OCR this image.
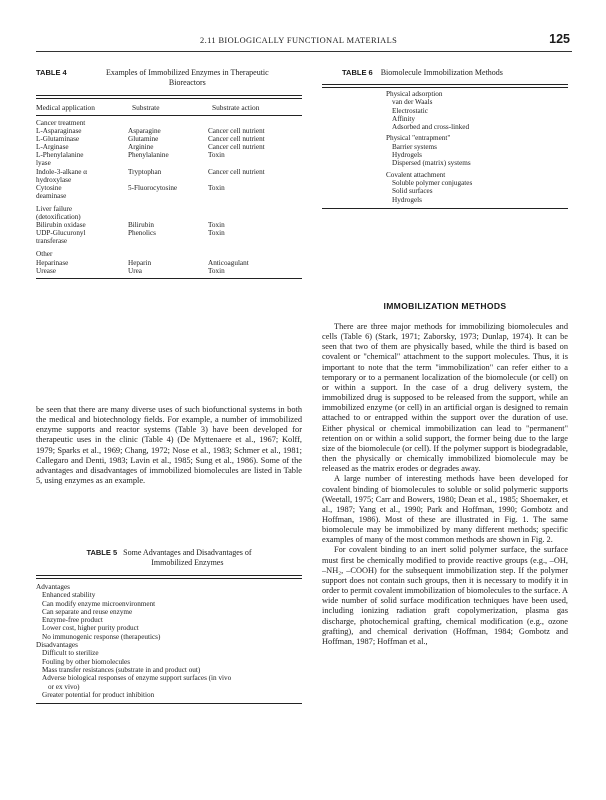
2.11 BIOLOGICALLY FUNCTIONAL MATERIALS	125
TABLE 4	Examples of Immobilized Enzymes in Therapeutic
Bioreactors
Medical application	Substrate	Substrate action
Cancer treatment		
L-Asparaginase	Asparagine	Cancer cell nutrient
L-Glutaminase	Glutamine	Cancer cell nutrient
L-Arginase	Arginine	Cancer cell nutrient
L-Phenylalanine	Phenylalanine	Toxin
lyase		
Indole-3-alkane α	Tryptophan	Cancer cell nutrient
hydroxylase		
Cytosine	5-Fluorocytosine	Toxin
deaminase		

Liver failure		
(detoxification)		
Bilirubin oxidase	Bilirubin	Toxin
UDP-Glucuronyl	Phenolics	Toxin
transferase		

Other		
Heparinase	Heparin	Anticoagulant
Urease	Urea	Toxin

be seen that there are many diverse uses of such biofunctional systems in both the medical and biotechnology fields. For example, a number of immobilized enzyme supports and reactor systems (Table 3) have been developed for therapeutic uses in the clinic (Table 4) (De Myttenaere et al., 1967; Kolff, 1979; Sparks et al., 1969; Chang, 1972; Nose et al., 1983; Schmer et al., 1981; Callegaro and Denti, 1983; Lavin et al., 1985; Sung et al., 1986). Some of the advantages and disadvantages of immobilized biomolecules are listed in Table 5, using enzymes as an example.

TABLE 5 Some Advantages and Disadvantages of
Immobilized Enzymes
Advantages
Enhanced stability
Can modify enzyme microenvironment
Can separate and reuse enzyme
Enzyme-free product
Lower cost, higher purity product
No immunogenic response (therapeutics)
Disadvantages
Difficult to sterilize
Fouling by other biomolecules
Mass transfer resistances (substrate in and product out)
Adverse biological responses of enzyme support surfaces (in vivo
or ex vivo)
Greater potential for product inhibition
TABLE 6 Biomolecule Immobilization Methods
Physical adsorption
van der Waals
Electrostatic
Affinity
Adsorbed and cross-linked
Physical "entrapment"
Barrier systems
Hydrogels
Dispersed (matrix) systems
Covalent attachment
Soluble polymer conjugates
Solid surfaces
Hydrogels
IMMOBILIZATION METHODS

There are three major methods for immobilizing biomolecules and cells (Table 6) (Stark, 1971; Zaborsky, 1973; Dunlap, 1974). It can be seen that two of them are physically based, while the third is based on covalent or "chemical" attachment to the support molecules. Thus, it is important to note that the term "immobilization" can refer either to a temporary or to a permanent localization of the biomolecule (or cell) on or within a support. In the case of a drug delivery system, the immobilized drug is supposed to be released from the support, while an immobilized enzyme (or cell) in an artificial organ is designed to remain attached to or entrapped within the support over the duration of use. Either physical or chemical immobilization can lead to "permanent" retention on or within a solid support, the former being due to the large size of the biomolecule (or cell). If the polymer support is biodegradable, then the physically or chemically immobilized biomolecule may be released as the matrix erodes or degrades away.

A large number of interesting methods have been developed for covalent binding of biomolecules to soluble or solid polymeric supports (Weetall, 1975; Carr and Bowers, 1980; Dean et al., 1985; Shoemaker, et al., 1987; Yang et al., 1990; Park and Hoffman, 1990; Gombotz and Hoffman, 1986). Most of these are illustrated in Fig. 1. The same biomolecule may be immobilized by many different methods; specific examples of many of the most common methods are shown in Fig. 2.

For covalent binding to an inert solid polymer surface, the surface must first be chemically modified to provide reactive groups (e.g., –OH, –NH₂, –COOH) for the subsequent immobilization step. If the polymer support does not contain such groups, then it is necessary to modify it in order to permit covalent immobilization of biomolecules to the surface. A wide number of solid surface modification techniques have been used, including ionizing radiation graft copolymerization, plasma gas discharge, photochemical grafting, chemical modification (e.g., ozone grafting), and chemical derivation (Hoffman, 1984; Gombotz and Hoffman, 1987; Hoffman et al.,
